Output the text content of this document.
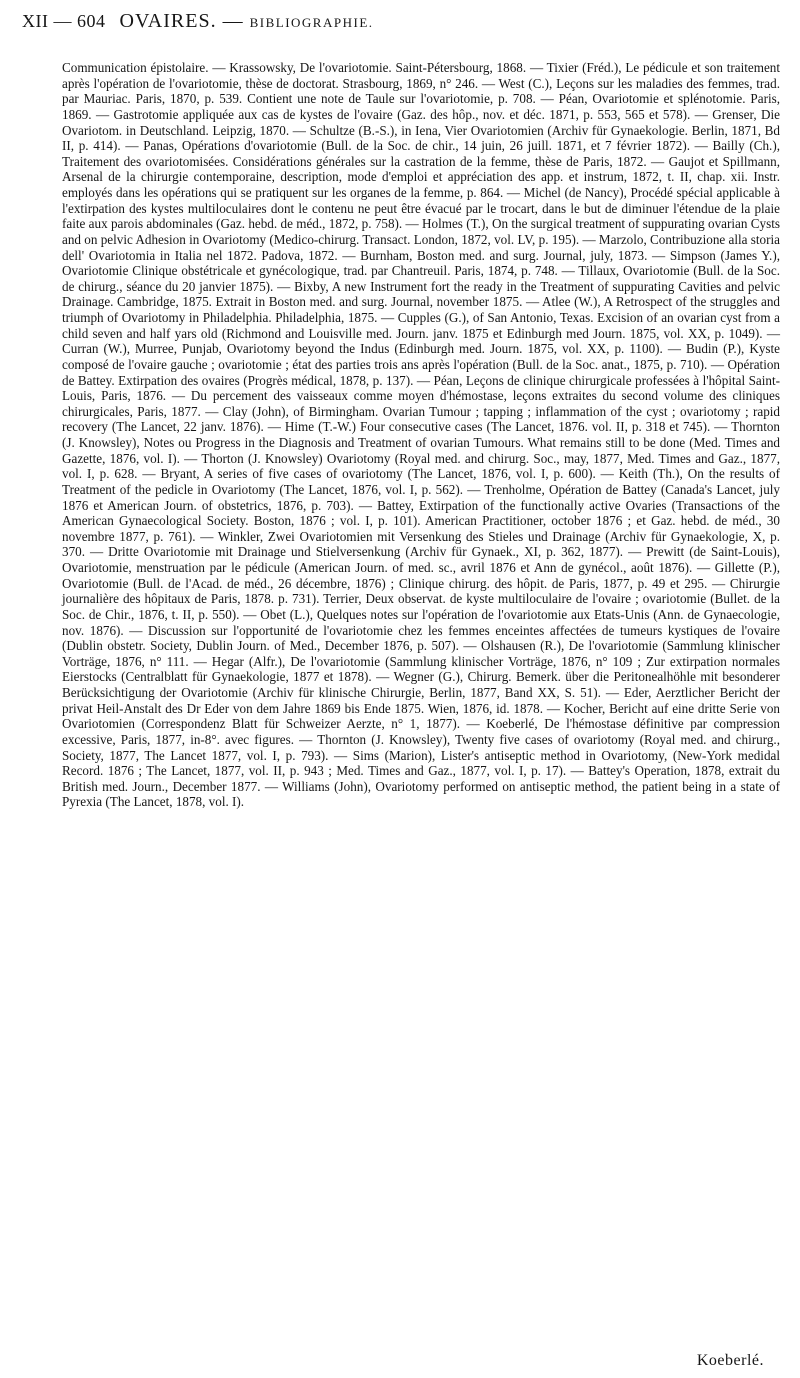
XII — 604 OVAIRES. — BIBLIOGRAPHIE.

Communication épistolaire. — Krassowsky, De l'ovariotomie. Saint-Pétersbourg, 1868. — Tixier (Fréd.), Le pédicule et son traitement après l'opération de l'ovariotomie, thèse de doctorat. Strasbourg, 1869, n° 246. — West (C.), Leçons sur les maladies des femmes, trad. par Mauriac. Paris, 1870, p. 539. Contient une note de Taule sur l'ovariotomie, p. 708. — Péan, Ovariotomie et splénotomie. Paris, 1869. — Gastrotomie appliquée aux cas de kystes de l'ovaire (Gaz. des hôp., nov. et déc. 1871, p. 553, 565 et 578). — Grenser, Die Ovariotom. in Deutschland. Leipzig, 1870. — Schultze (B.-S.), in Iena, Vier Ovariotomien (Archiv für Gynaekologie. Berlin, 1871, Bd II, p. 414). — Panas, Opérations d'ovariotomie (Bull. de la Soc. de chir., 14 juin, 26 juill. 1871, et 7 février 1872). — Bailly (Ch.), Traitement des ovariotomisées. Considérations générales sur la castration de la femme, thèse de Paris, 1872. — Gaujot et Spillmann, Arsenal de la chirurgie contemporaine, description, mode d'emploi et appréciation des app. et instrum, 1872, t. II, chap. xii. Instr. employés dans les opérations qui se pratiquent sur les organes de la femme, p. 864. — Michel (de Nancy), Procédé spécial applicable à l'extirpation des kystes multiloculaires dont le contenu ne peut être évacué par le trocart, dans le but de diminuer l'étendue de la plaie faite aux parois abdominales (Gaz. hebd. de méd., 1872, p. 758). — Holmes (T.), On the surgical treatment of suppurating ovarian Cysts and on pelvic Adhesion in Ovariotomy (Medico-chirurg. Transact. London, 1872, vol. LV, p. 195). — Marzolo, Contribuzione alla storia dell' Ovariotomia in Italia nel 1872. Padova, 1872. — Burnham, Boston med. and surg. Journal, july, 1873. — Simpson (James Y.), Ovariotomie Clinique obstétricale et gynécologique, trad. par Chantreuil. Paris, 1874, p. 748. — Tillaux, Ovariotomie (Bull. de la Soc. de chirurg., séance du 20 janvier 1875). — Bixby, A new Instrument fort the ready in the Treatment of suppurating Cavities and pelvic Drainage. Cambridge, 1875. Extrait in Boston med. and surg. Journal, november 1875. — Atlee (W.), A Retrospect of the struggles and triumph of Ovariotomy in Philadelphia. Philadelphia, 1875. — Cupples (G.), of San Antonio, Texas. Excision of an ovarian cyst from a child seven and half yars old (Richmond and Louisville med. Journ. janv. 1875 et Edinburgh med Journ. 1875, vol. XX, p. 1049). — Curran (W.), Murree, Punjab, Ovariotomy beyond the Indus (Edinburgh med. Journ. 1875, vol. XX, p. 1100). — Budin (P.), Kyste composé de l'ovaire gauche ; ovariotomie ; état des parties trois ans après l'opération (Bull. de la Soc. anat., 1875, p. 710). — Opération de Battey. Extirpation des ovaires (Progrès médical, 1878, p. 137). — Péan, Leçons de clinique chirurgicale professées à l'hôpital Saint-Louis, Paris, 1876. — Du percement des vaisseaux comme moyen d'hémostase, leçons extraites du second volume des cliniques chirurgicales, Paris, 1877. — Clay (John), of Birmingham. Ovarian Tumour ; tapping ; inflammation of the cyst ; ovariotomy ; rapid recovery (The Lancet, 22 janv. 1876). — Hime (T.-W.) Four consecutive cases (The Lancet, 1876. vol. II, p. 318 et 745). — Thornton (J. Knowsley), Notes ou Progress in the Diagnosis and Treatment of ovarian Tumours. What remains still to be done (Med. Times and Gazette, 1876, vol. I). — Thorton (J. Knowsley) Ovariotomy (Royal med. and chirurg. Soc., may, 1877, Med. Times and Gaz., 1877, vol. I, p. 628. — Bryant, A series of five cases of ovariotomy (The Lancet, 1876, vol. I, p. 600). — Keith (Th.), On the results of Treatment of the pedicle in Ovariotomy (The Lancet, 1876, vol. I, p. 562). — Trenholme, Opération de Battey (Canada's Lancet, july 1876 et American Journ. of obstetrics, 1876, p. 703). — Battey, Extirpation of the functionally active Ovaries (Transactions of the American Gynaecological Society. Boston, 1876 ; vol. I, p. 101). American Practitioner, october 1876 ; et Gaz. hebd. de méd., 30 novembre 1877, p. 761). — Winkler, Zwei Ovariotomien mit Versenkung des Stieles und Drainage (Archiv für Gynaekologie, X, p. 370. — Dritte Ovariotomie mit Drainage und Stielversenkung (Archiv für Gynaek., XI, p. 362, 1877). — Prewitt (de Saint-Louis), Ovariotomie, menstruation par le pédicule (American Journ. of med. sc., avril 1876 et Ann de gynécol., août 1876). — Gillette (P.), Ovariotomie (Bull. de l'Acad. de méd., 26 décembre, 1876) ; Clinique chirurg. des hôpit. de Paris, 1877, p. 49 et 295. — Chirurgie journalière des hôpitaux de Paris, 1878. p. 731). Terrier, Deux observat. de kyste multiloculaire de l'ovaire ; ovariotomie (Bullet. de la Soc. de Chir., 1876, t. II, p. 550). — Obet (L.), Quelques notes sur l'opération de l'ovariotomie aux Etats-Unis (Ann. de Gynaecologie, nov. 1876). — Discussion sur l'opportunité de l'ovariotomie chez les femmes enceintes affectées de tumeurs kystiques de l'ovaire (Dublin obstetr. Society, Dublin Journ. of Med., December 1876, p. 507). — Olshausen (R.), De l'ovariotomie (Sammlung klinischer Vorträge, 1876, n° 111. — Hegar (Alfr.), De l'ovariotomie (Sammlung klinischer Vorträge, 1876, n° 109 ; Zur extirpation normales Eierstocks (Centralblatt für Gynaekologie, 1877 et 1878). — Wegner (G.), Chirurg. Bemerk. über die Peritonealhöhle mit besonderer Berücksichtigung der Ovariotomie (Archiv für klinische Chirurgie, Berlin, 1877, Band XX, S. 51). — Eder, Aerztlicher Bericht der privat Heil-Anstalt des Dr Eder von dem Jahre 1869 bis Ende 1875. Wien, 1876, id. 1878. — Kocher, Bericht auf eine dritte Serie von Ovariotomien (Correspondenz Blatt für Schweizer Aerzte, n° 1, 1877). — Koeberlé, De l'hémostase définitive par compression excessive, Paris, 1877, in-8°. avec figures. — Thornton (J. Knowsley), Twenty five cases of ovariotomy (Royal med. and chirurg., Society, 1877, The Lancet 1877, vol. I, p. 793). — Sims (Marion), Lister's antiseptic method in Ovariotomy, (New-York medidal Record. 1876 ; The Lancet, 1877, vol. II, p. 943 ; Med. Times and Gaz., 1877, vol. I, p. 17). — Battey's Operation, 1878, extrait du British med. Journ., December 1877. — Williams (John), Ovariotomy performed on antiseptic method, the patient being in a state of Pyrexia (The Lancet, 1878, vol. I).

Koeberlé.
